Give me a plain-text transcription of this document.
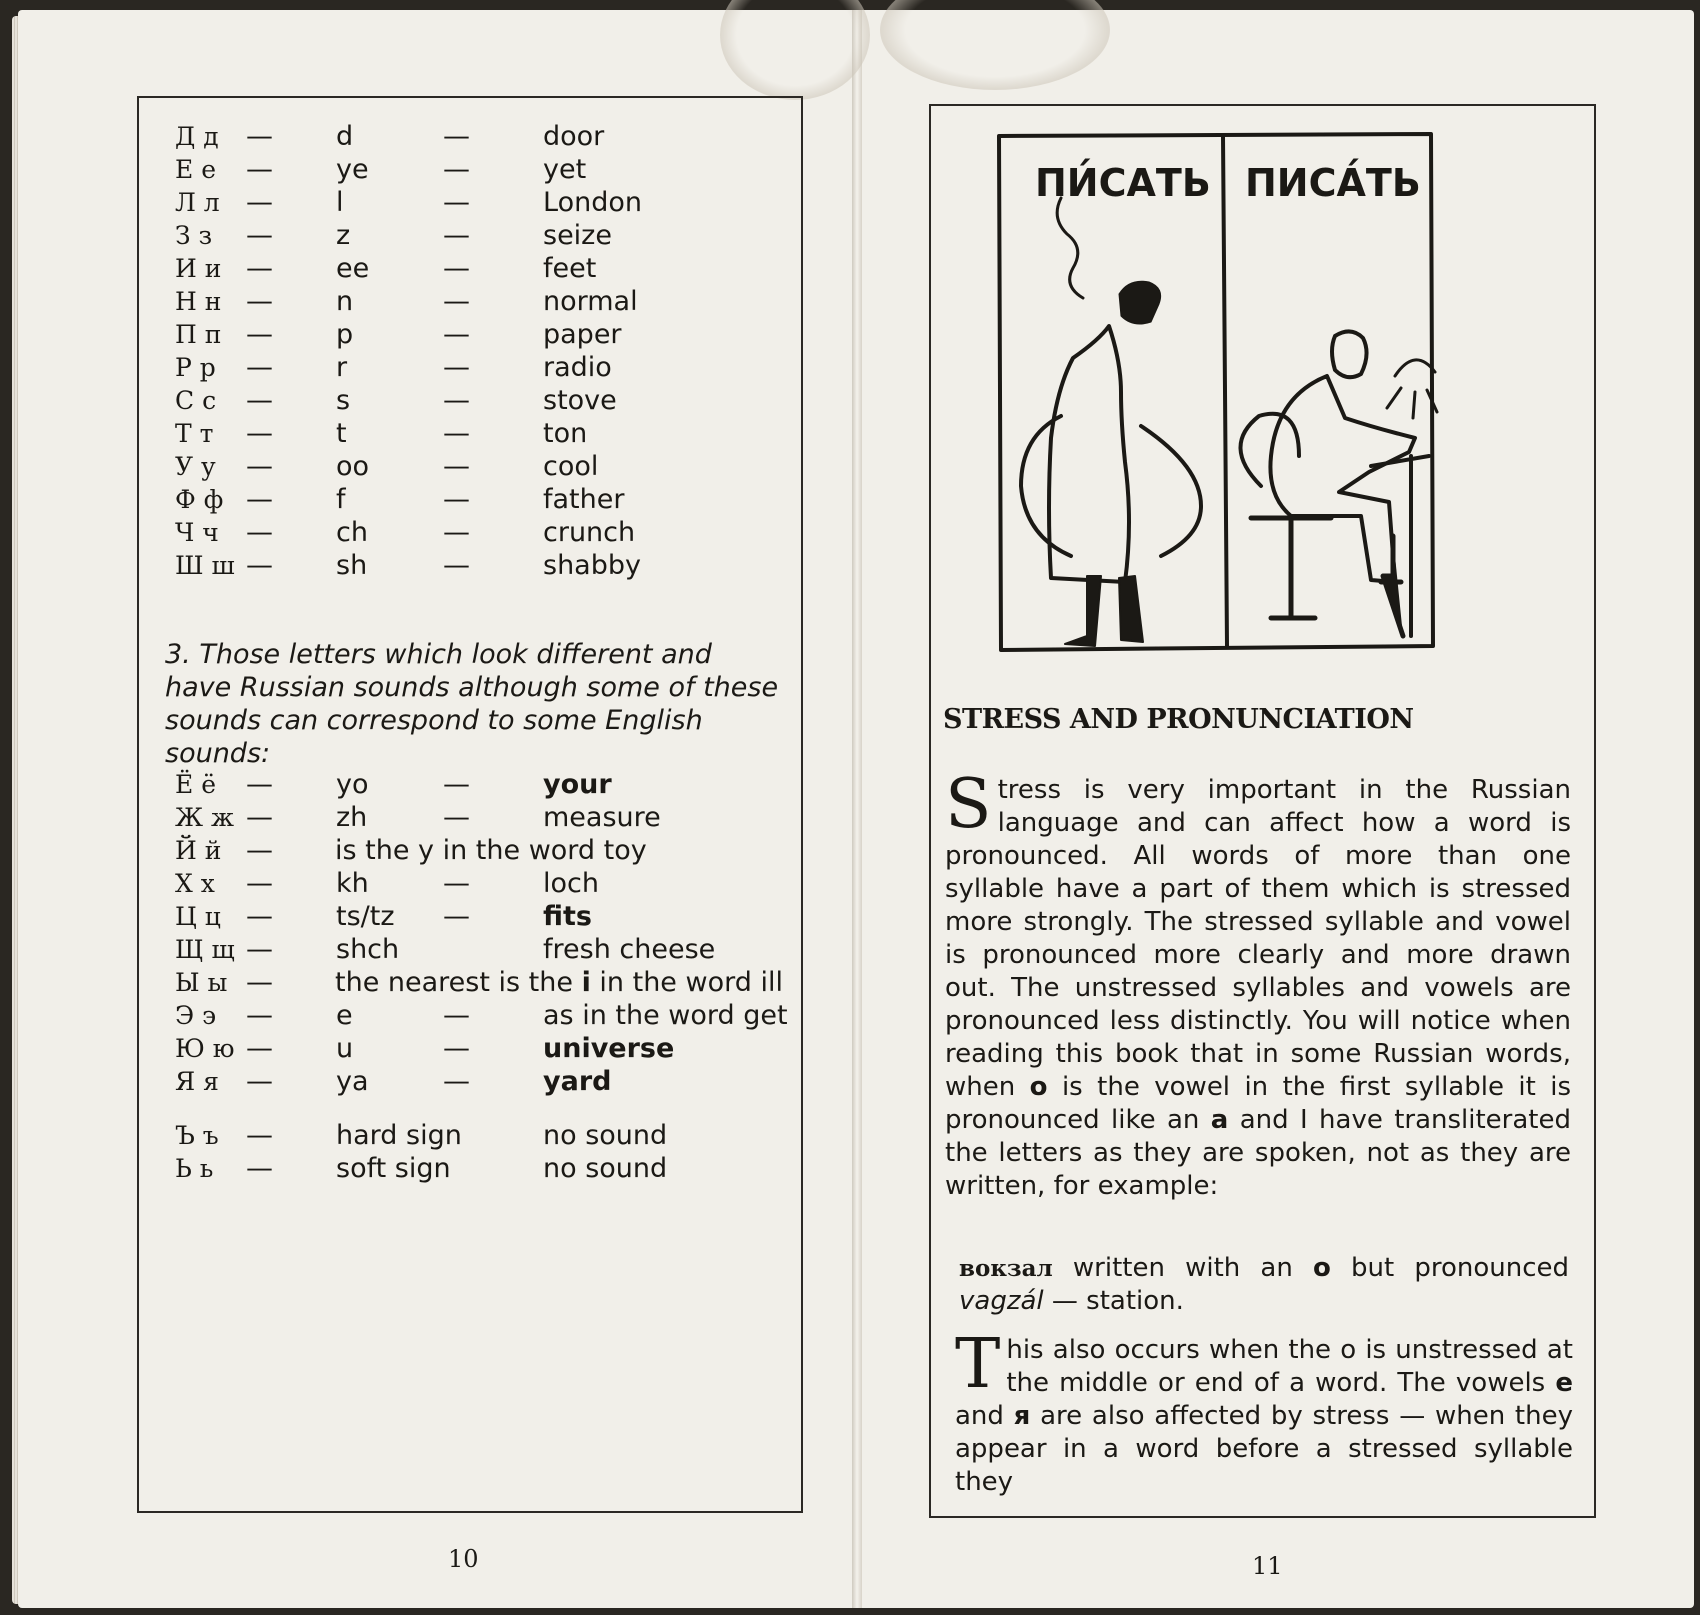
Д д — d	—	door
Е е — ye	—	yet
Л л — l	—	London
З з — z	—	seize
И и — ee	—	feet
Н н — n	—	normal
П п — p	—	paper
Р р — r	—	radio
С с — s	—	stove
Т т — t	—	ton
У у — oo	—	cool
Ф ф — f	—	father
Ч ч — ch	—	crunch
Ш ш — sh	—	shabby
3. Those letters which look different and have Russian sounds although some of these sounds can correspond to some English sounds:
Ё ё — yo	—	your
Ж ж — zh	—	measure
Й й — is the y in the word toy
Х х — kh	—	loch
Ц ц — ts/tz —	fits
Щ щ — shch	fresh cheese
Ы ы — the nearest is the i in the word ill
Э э — e	—	as in the word get
Ю ю — u	—	universe
Я я — ya	—	yard
Ъ ъ — hard sign	no sound
Ь ь — soft sign	no sound
10
ПИ́САТЬ ПИСА́ТЬ
STRESS AND PRONUNCIATION
Stress is very important in the Russian language and can affect how a word is pronounced. All words of more than one syllable have a part of them which is stressed more strongly. The stressed syllable and vowel is pronounced more clearly and more drawn out. The unstressed syllables and vowels are pronounced less distinctly. You will notice when reading this book that in some Russian words, when o is the vowel in the first syllable it is pronounced like an a and I have transliterated the letters as they are spoken, not as they are written, for example:
вокзал written with an o but pronounced vagzál — station.
This also occurs when the o is unstressed at the middle or end of a word. The vowels e and я are also affected by stress — when they appear in a word before a stressed syllable they
11
